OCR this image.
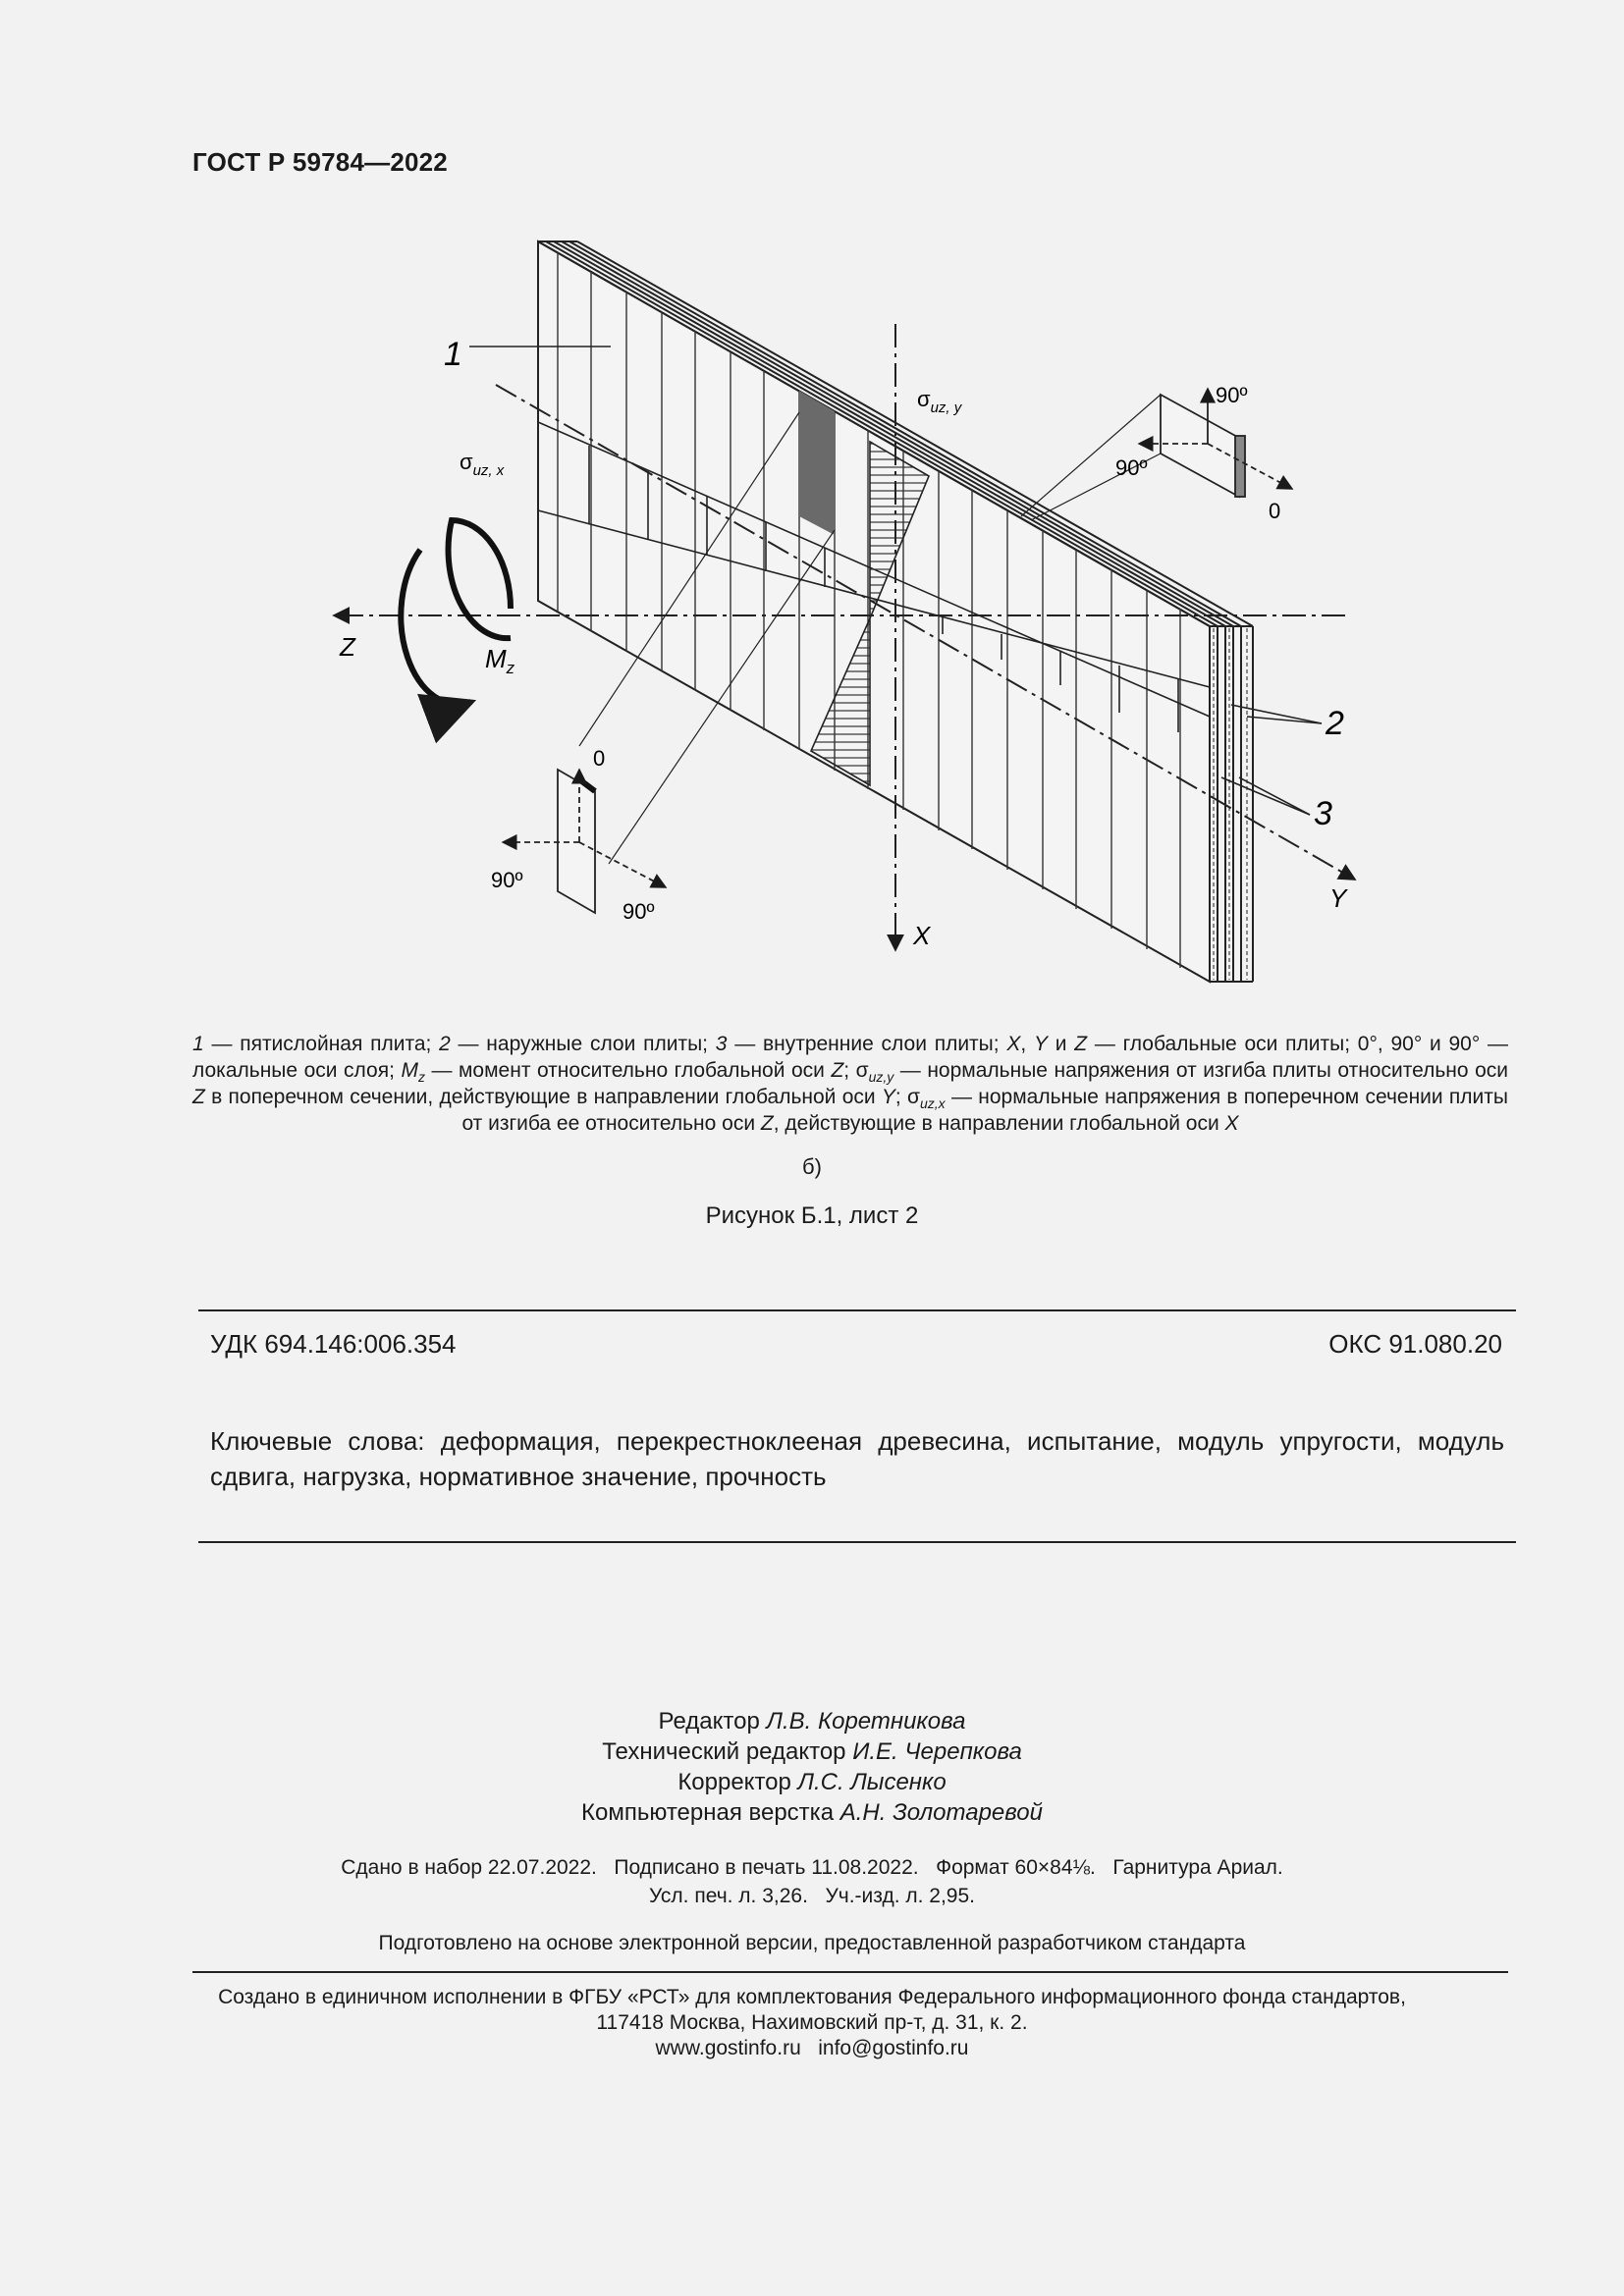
ГОСТ Р 59784—2022
1
2
3
$\sigma_{иz, x}$
$\sigma_{иz, y}$
Z
X
Y
$M_z$
90º
90º
0
0
90º
90º
1 — пятислойная плита; 2 — наружные слои плиты; 3 — внутренние слои плиты; X, Y и Z — глобальные оси плиты; 0°, 90° и 90° — локальные оси слоя; $M_z$ — момент относительно глобальной оси Z; $\sigma_{иz,y}$ — нормальные напряжения от изгиба плиты относительно оси Z в поперечном сечении, действующие в направлении глобальной оси Y; $\sigma_{иz,x}$ — нормальные напряжения в поперечном сечении плиты от изгиба ее относительно оси Z, действующие в направлении глобальной оси X
б)
Рисунок Б.1, лист 2
УДК 694.146:006.354	ОКС 91.080.20
Ключевые слова: деформация, перекрестноклееная древесина, испытание, модуль упругости, модуль сдвига, нагрузка, нормативное значение, прочность
Редактор Л.В. Коретникова
Технический редактор И.Е. Черепкова
Корректор Л.С. Лысенко
Компьютерная верстка А.Н. Золотаревой
Сдано в набор 22.07.2022.   Подписано в печать 11.08.2022.   Формат 60×84⅛.   Гарнитура Ариал.
Усл. печ. л. 3,26.   Уч.-изд. л. 2,95.
Подготовлено на основе электронной версии, предоставленной разработчиком стандарта
Создано в единичном исполнении в ФГБУ «РСТ» для комплектования Федерального информационного фонда стандартов,
117418 Москва, Нахимовский пр-т, д. 31, к. 2.
www.gostinfo.ru   info@gostinfo.ru
